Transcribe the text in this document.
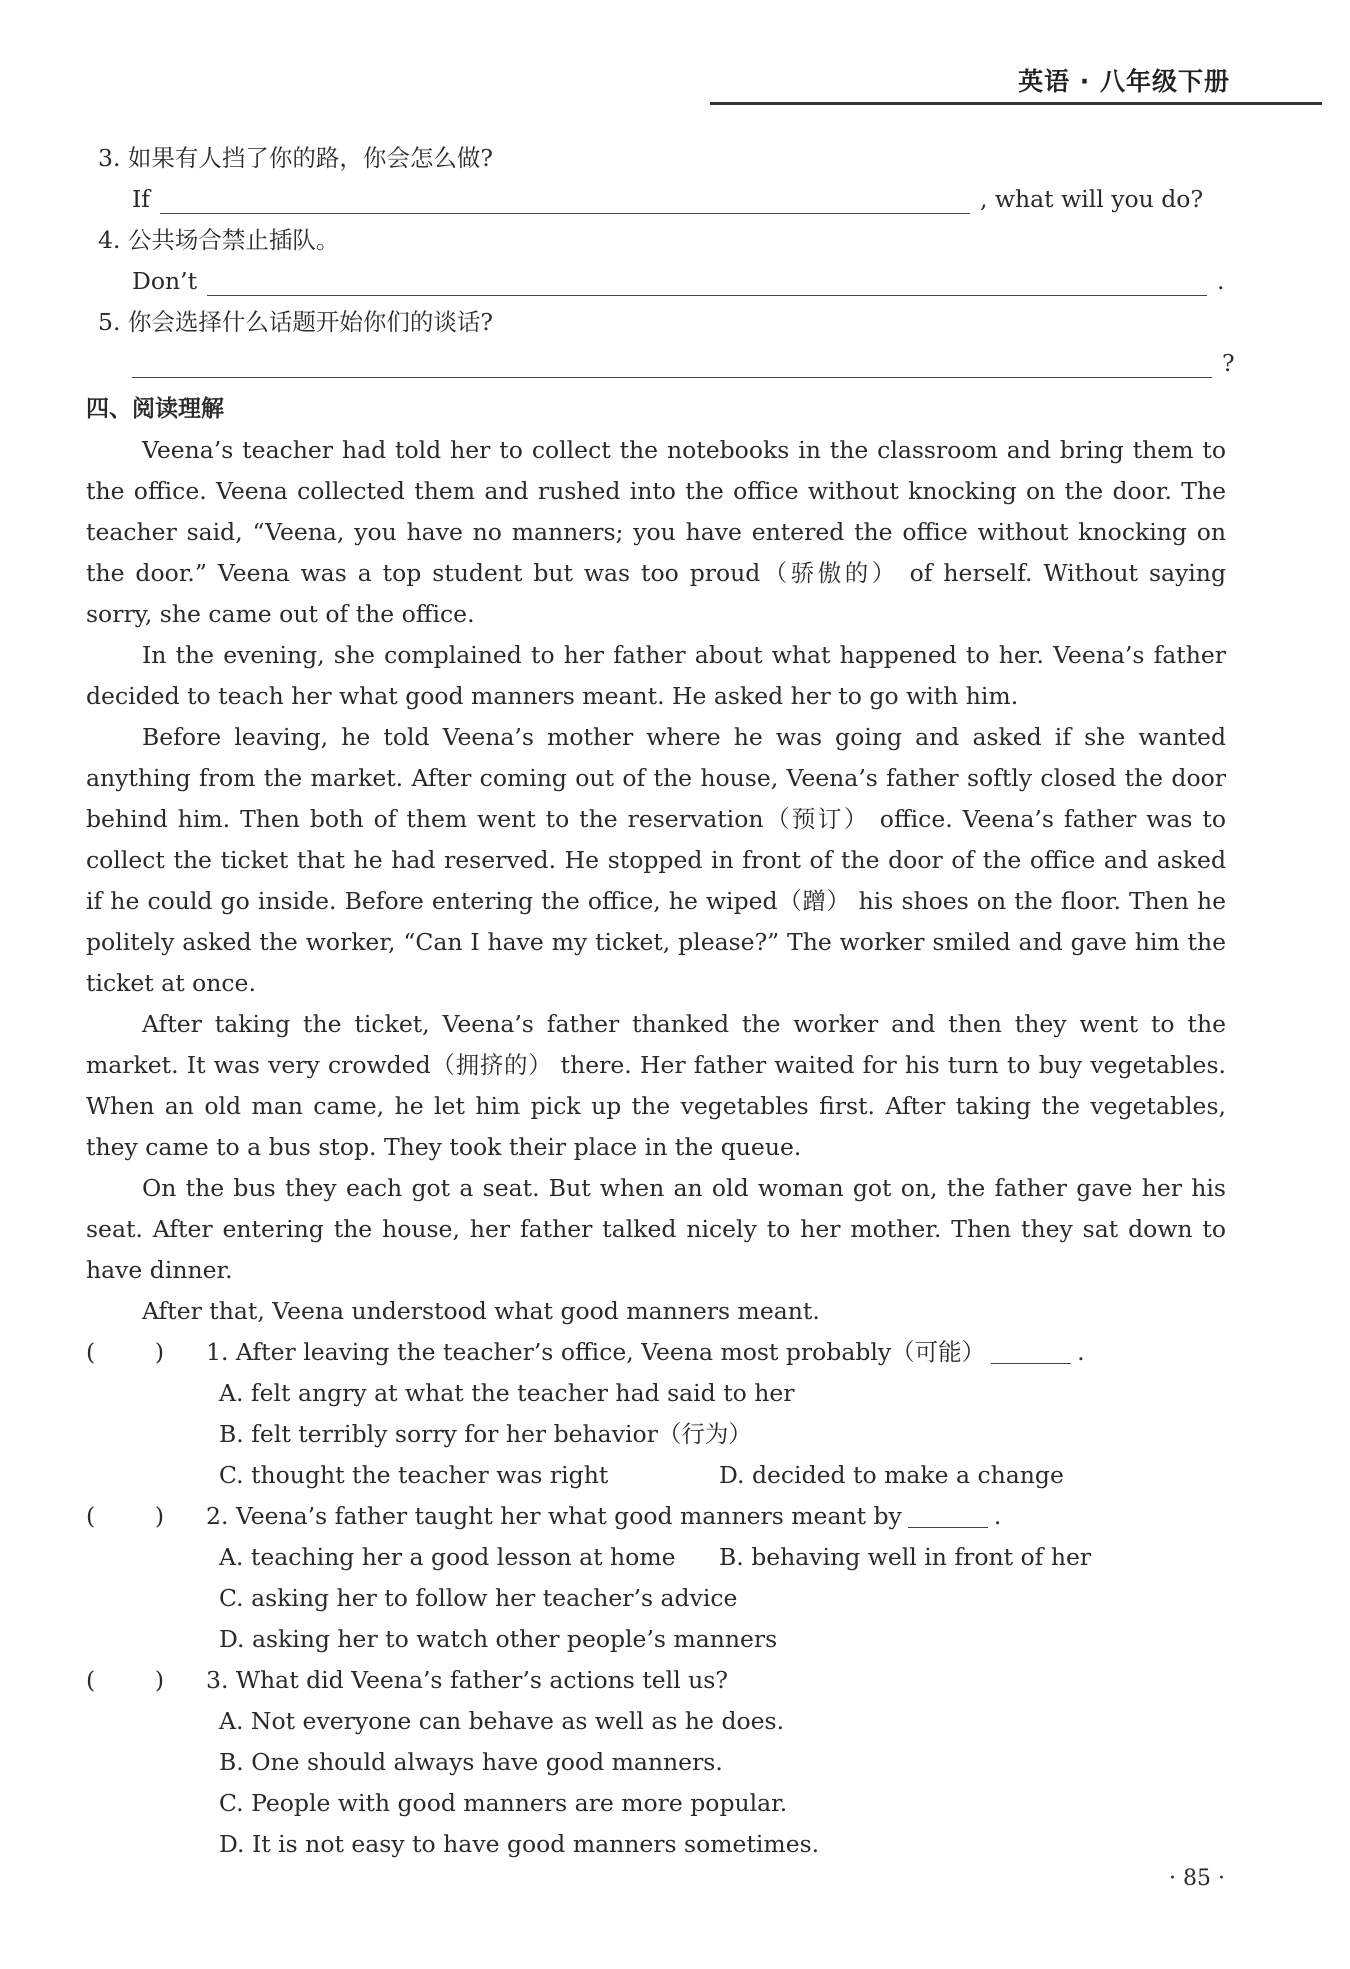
英语 · 八年级下册
3. 如果有人挡了你的路，你会怎么做?
If	, what will you do?
4. 公共场合禁止插队。
Don’t	.
5. 你会选择什么话题开始你们的谈话?
?
四、阅读理解

Veena’s teacher had told her to collect the notebooks in the classroom and bring them to the office. Veena collected them and rushed into the office without knocking on the door. The teacher said, “Veena, you have no manners; you have entered the office without knocking on the door.” Veena was a top student but was too proud（骄傲的） of herself. Without saying sorry, she came out of the office.

In the evening, she complained to her father about what happened to her. Veena’s father decided to teach her what good manners meant. He asked her to go with him.

Before leaving, he told Veena’s mother where he was going and asked if she wanted anything from the market. After coming out of the house, Veena’s father softly closed the door behind him. Then both of them went to the reservation（预订） office. Veena’s father was to collect the ticket that he had reserved. He stopped in front of the door of the office and asked if he could go inside. Before entering the office, he wiped（蹭） his shoes on the floor. Then he politely asked the worker, “Can I have my ticket, please?” The worker smiled and gave him the ticket at once.

After taking the ticket, Veena’s father thanked the worker and then they went to the market. It was very crowded（拥挤的） there. Her father waited for his turn to buy vegetables. When an old man came, he let him pick up the vegetables first. After taking the vegetables, they came to a bus stop. They took their place in the queue.

On the bus they each got a seat. But when an old woman got on, the father gave her his seat. After entering the house, her father talked nicely to her mother. Then they sat down to have dinner.

After that, Veena understood what good manners meant.

(        )	1. After leaving the teacher’s office, Veena most probably（可能）	.
A. felt angry at what the teacher had said to her
B. felt terribly sorry for her behavior（行为）
C. thought the teacher was right	D. decided to make a change
(        )	2. Veena’s father taught her what good manners meant by	.
A. teaching her a good lesson at home	B. behaving well in front of her
C. asking her to follow her teacher’s advice
D. asking her to watch other people’s manners
(        )	3. What did Veena’s father’s actions tell us?
A. Not everyone can behave as well as he does.
B. One should always have good manners.
C. People with good manners are more popular.
D. It is not easy to have good manners sometimes.
· 85 ·
